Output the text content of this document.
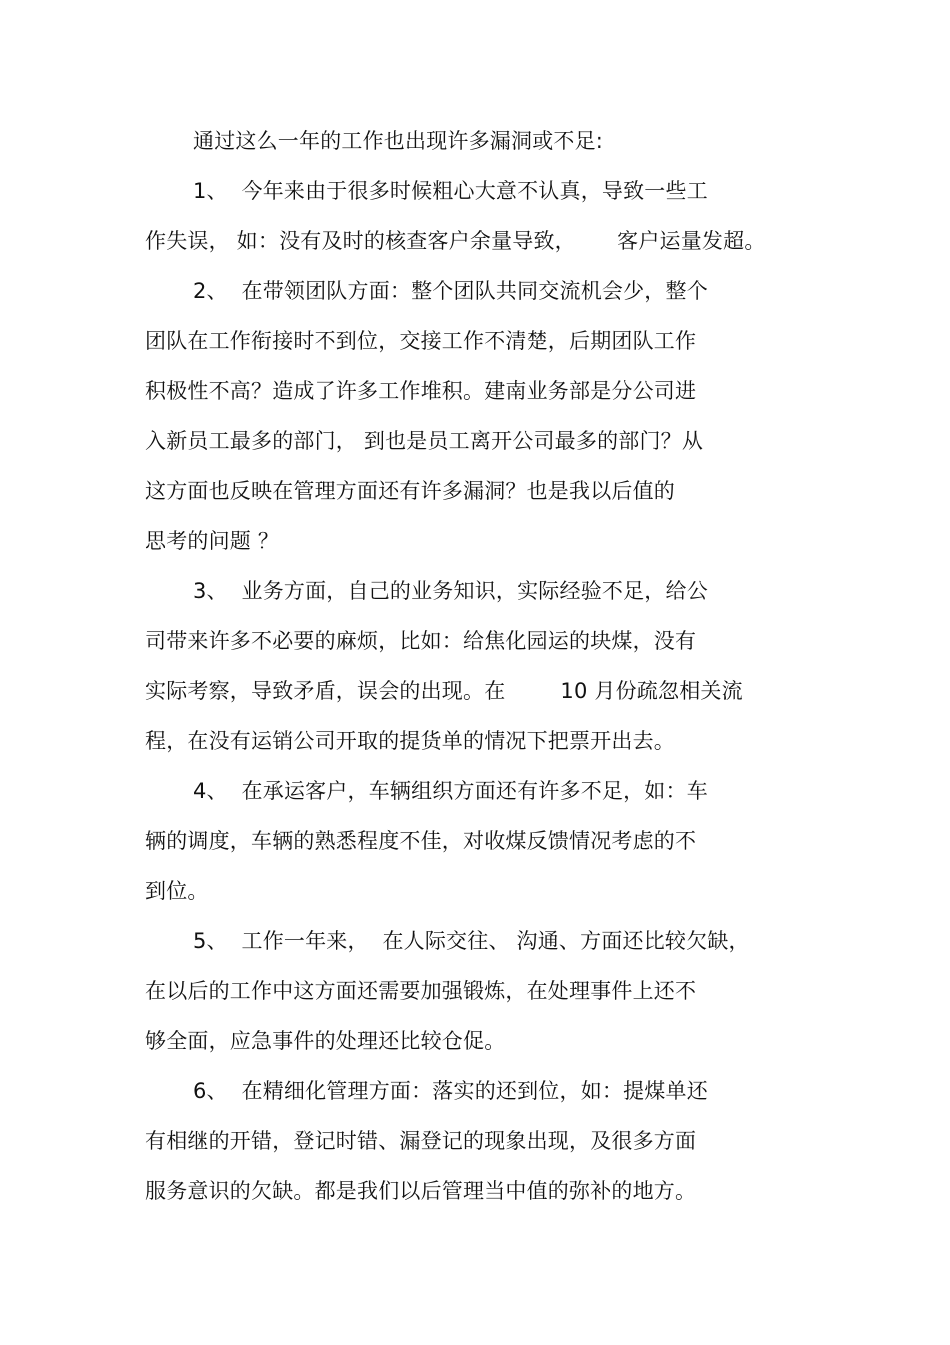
通过这么一年的工作也出现许多漏洞或不足:
1、  今年来由于很多时候粗心大意不认真，导致一些工
作失误， 如：没有及时的核查客户余量导致，      客户运量发超。
2、  在带领团队方面：整个团队共同交流机会少，整个
团队在工作衔接时不到位，交接工作不清楚，后期团队工作
积极性不高？造成了许多工作堆积。建南业务部是分公司进
入新员工最多的部门， 到也是员工离开公司最多的部门？从
这方面也反映在管理方面还有许多漏洞？也是我以后值的
思考的问题 ？
3、  业务方面，自己的业务知识，实际经验不足，给公
司带来许多不必要的麻烦，比如：给焦化园运的块煤，没有
实际考察，导致矛盾，误会的出现。在        10 月份疏忽相关流
程，在没有运销公司开取的提货单的情况下把票开出去。
4、  在承运客户，车辆组织方面还有许多不足，如：车
辆的调度，车辆的熟悉程度不佳，对收煤反馈情况考虑的不
到位。
5、  工作一年来，  在人际交往、 沟通、方面还比较欠缺，
在以后的工作中这方面还需要加强锻炼，在处理事件上还不
够全面，应急事件的处理还比较仓促。
6、  在精细化管理方面：落实的还到位，如：提煤单还
有相继的开错，登记时错、漏登记的现象出现，及很多方面
服务意识的欠缺。都是我们以后管理当中值的弥补的地方。
